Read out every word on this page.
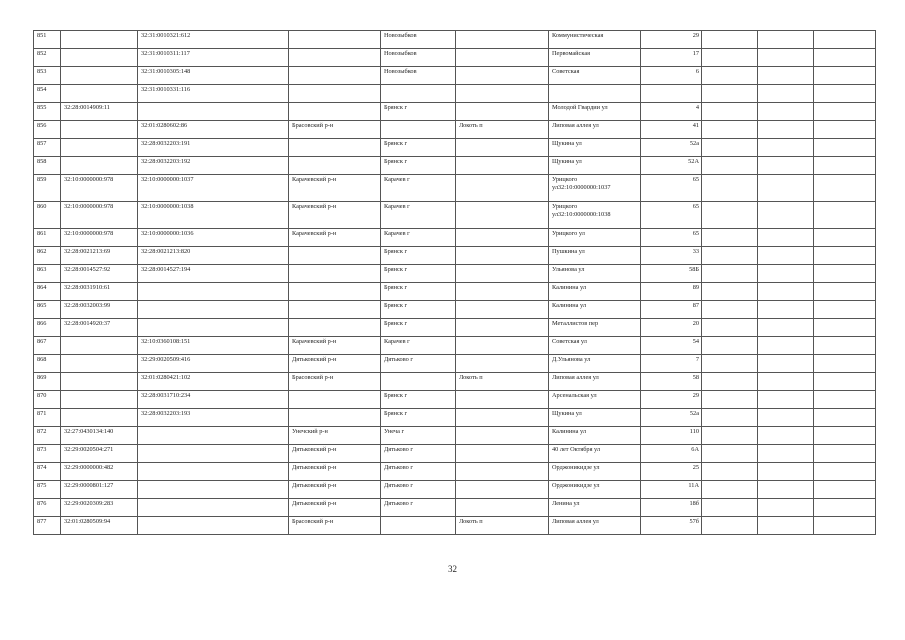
851		32:31:0010321:612		Новозыбков		Коммунистическая	29			
852		32:31:0010311:117		Новозыбков		Первомайская	17			
853		32:31:0010305:148		Новозыбков		Советская	6			
854		32:31:0010331:116								
855	32:28:0014909:11			Брянск г		Молодой Гвардии ул	4			
856		32:01:0280602:86	Брасовский р-н		Локоть п	Липовая аллея ул	41			
857		32:28:0032203:191		Брянск г		Щукина ул	52а			
858		32:28:0032203:192		Брянск г		Щукина ул	52А			
859	32:10:0000000:978	32:10:0000000:1037	Карачевский р-н	Карачев г		Урицкого ул32:10:0000000:1037	65			
860	32:10:0000000:978	32:10:0000000:1038	Карачевский р-н	Карачев г		Урицкого ул32:10:0000000:1038	65			
861	32:10:0000000:978	32:10:0000000:1036	Карачевский р-н	Карачев г		Урицкого ул	65			
862	32:28:0021213:69	32:28:0021213:820		Брянск г		Пушкина ул	33			
863	32:28:0014527:92	32:28:0014527:194		Брянск г		Ульянова ул	58Б			
864	32:28:0031910:61			Брянск г		Калинина ул	89			
865	32:28:0032003:99			Брянск г		Калинина ул	87			
866	32:28:0014920:37			Брянск г		Металлистов пер	20			
867		32:10:0360108:151	Карачевский р-н	Карачев г		Советская ул	54			
868		32:29:0020509:416	Дятьковский р-н	Дятьково г		Д.Ульянова ул	7			
869		32:01:0280421:102	Брасовский р-н		Локоть п	Липовая аллея ул	58			
870		32:28:0031710:234		Брянск г		Арсенальская ул	29			
871		32:28:0032203:193		Брянск г		Щукина ул	52а			
872	32:27:0430134:140		Унечский р-н	Унеча г		Калинина ул	110			
873	32:29:0020504:271		Дятьковский р-н	Дятьково г		40 лет Октября ул	6А			
874	32:29:0000000:482		Дятьковский р-н	Дятьково г		Орджоникидзе ул	25			
875	32:29:0000801:127		Дятьковский р-н	Дятьково г		Орджоникидзе ул	11А			
876	32:29:0020309:283		Дятьковский р-н	Дятьково г		Ленина ул	18б			
877	32:01:0280509:94		Брасовский р-н		Локоть п	Липовая аллея ул	57б			
32
